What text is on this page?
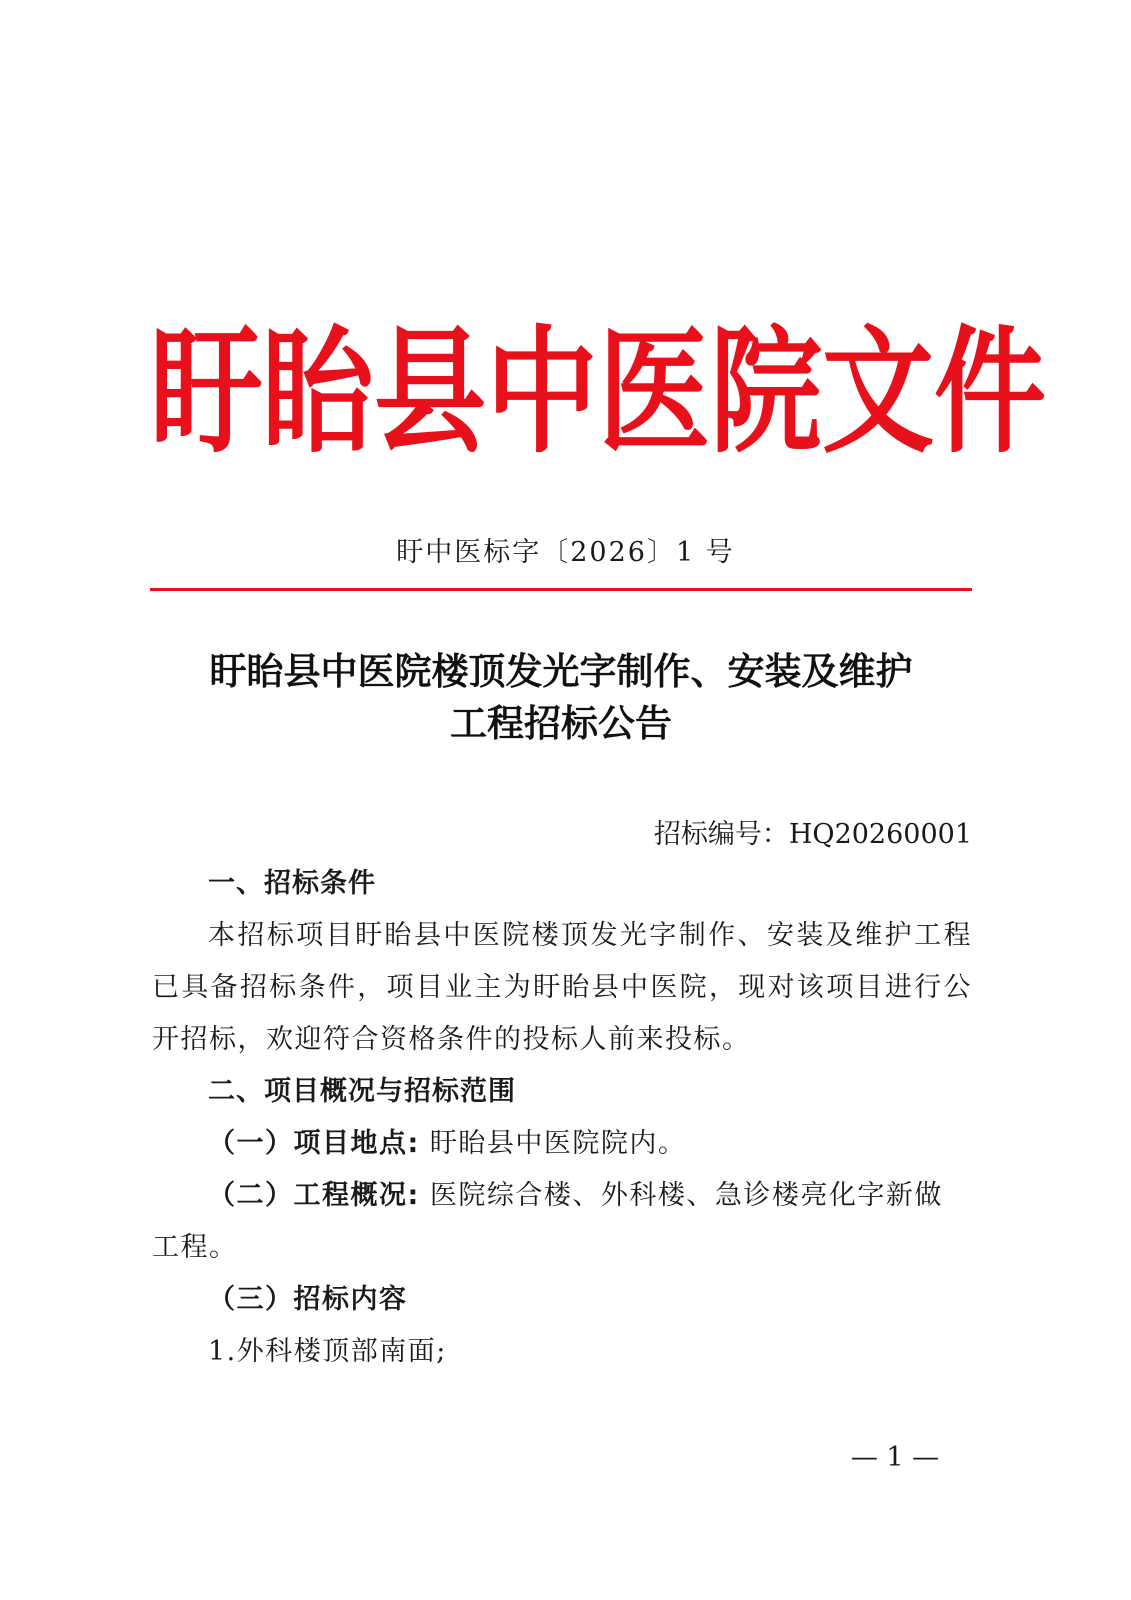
盱 眙 县 中 医 院 文 件
盱中医标字〔2026〕1 号
盱眙县中医院楼顶发光字制作、安装及维护
工程招标公告
招标编号：HQ20260001
一、招标条件
本招标项目盱眙县中医院楼顶发光字制作、安装及维护工程
已具备招标条件，项目业主为盱眙县中医院，现对该项目进行公
开招标，欢迎符合资格条件的投标人前来投标。
二、项目概况与招标范围
（一）项目地点: 盱眙县中医院院内。
（二）工程概况: 医院综合楼、外科楼、急诊楼亮化字新做
工程。
（三）招标内容
1.外科楼顶部南面;
— 1 —
